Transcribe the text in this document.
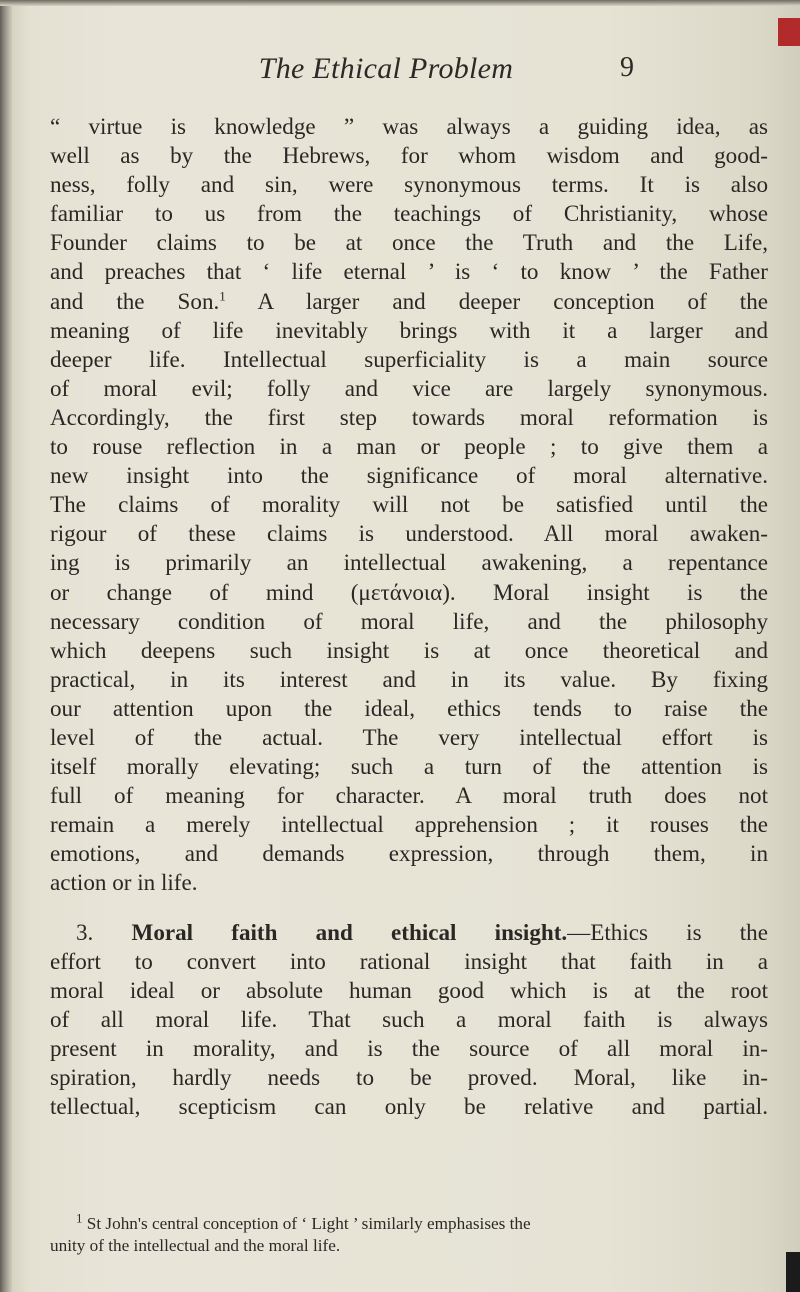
The Ethical Problem	9
“ virtue is knowledge ” was always a guiding idea, as
well as by the Hebrews, for whom wisdom and good-
ness, folly and sin, were synonymous terms. It is also
familiar to us from the teachings of Christianity, whose
Founder claims to be at once the Truth and the Life,
and preaches that ‘ life eternal ’ is ‘ to know ’ the Father
and the Son.$^1$ A larger and deeper conception of the
meaning of life inevitably brings with it a larger and
deeper life. Intellectual superficiality is a main source
of moral evil; folly and vice are largely synonymous.
Accordingly, the first step towards moral reformation is
to rouse reflection in a man or people ; to give them a
new insight into the significance of moral alternative.
The claims of morality will not be satisfied until the
rigour of these claims is understood. All moral awaken-
ing is primarily an intellectual awakening, a repentance
or change of mind (μετάνοια). Moral insight is the
necessary condition of moral life, and the philosophy
which deepens such insight is at once theoretical and
practical, in its interest and in its value. By fixing
our attention upon the ideal, ethics tends to raise the
level of the actual. The very intellectual effort is
itself morally elevating; such a turn of the attention is
full of meaning for character. A moral truth does not
remain a merely intellectual apprehension ; it rouses the
emotions, and demands expression, through them, in
action or in life.
3. Moral faith and ethical insight.—Ethics is the
effort to convert into rational insight that faith in a
moral ideal or absolute human good which is at the root
of all moral life. That such a moral faith is always
present in morality, and is the source of all moral in-
spiration, hardly needs to be proved. Moral, like in-
tellectual, scepticism can only be relative and partial.
$^1$ St John's central conception of ‘ Light ’ similarly emphasises the
unity of the intellectual and the moral life.
